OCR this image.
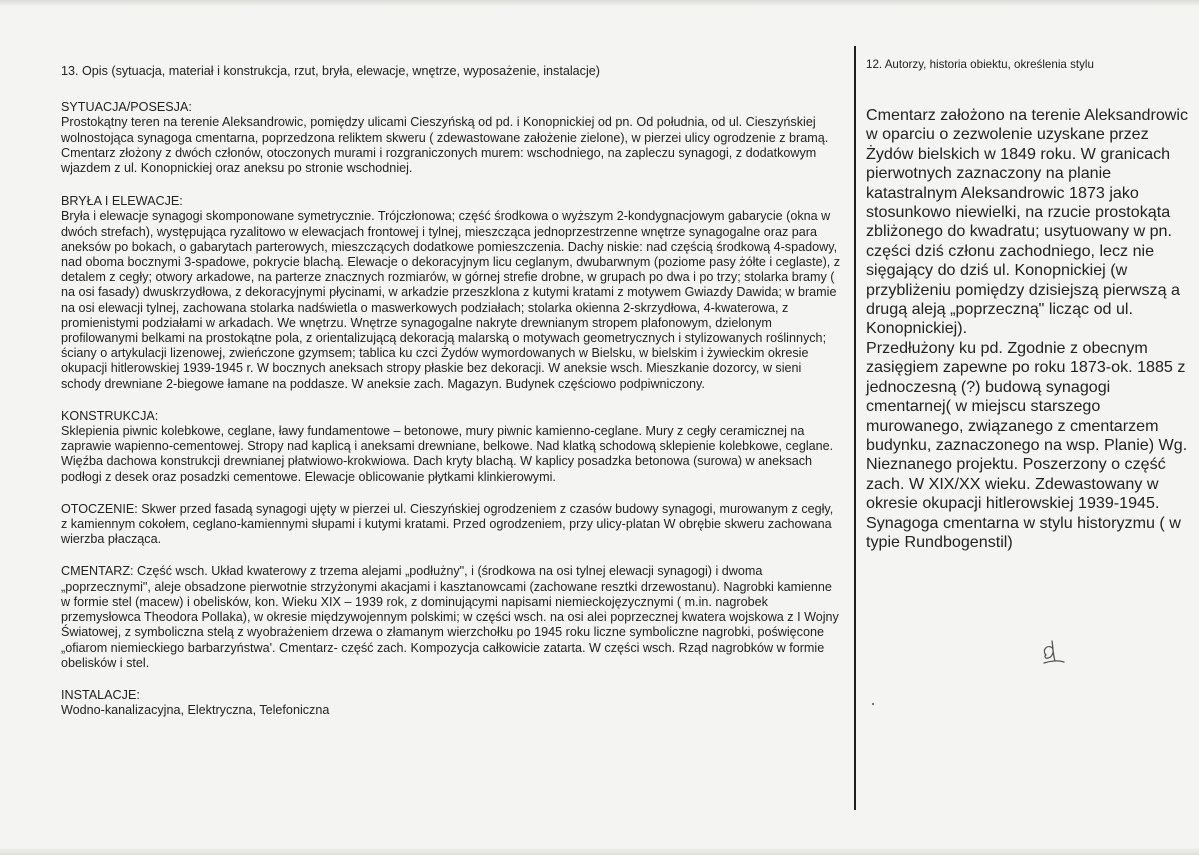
13. Opis (sytuacja, materiał i konstrukcja, rzut, bryła, elewacje, wnętrze, wyposażenie, instalacje)
SYTUACJA/POSESJA:
Prostokątny teren na terenie Aleksandrowic, pomiędzy ulicami Cieszyńską od pd. i Konopnickiej od pn. Od południa, od ul. Cieszyńskiej wolnostojąca synagoga cmentarna, poprzedzona reliktem skweru ( zdewastowane założenie zielone), w pierzei ulicy ogrodzenie z bramą. Cmentarz złożony z dwóch członów, otoczonych murami i rozgraniczonych murem: wschodniego, na zapleczu synagogi, z dodatkowym wjazdem z ul. Konopnickiej oraz aneksu po stronie wschodniej.
BRYŁA I ELEWACJE:
Bryła i elewacje synagogi skomponowane symetrycznie. Trójczłonowa; część środkowa o wyższym 2-kondygnacjowym gabarycie (okna w dwóch strefach), występująca ryzalitowo w elewacjach frontowej i tylnej, mieszcząca jednoprzestrzenne wnętrze synagogalne oraz para aneksów po bokach, o gabarytach parterowych, mieszczących dodatkowe pomieszczenia. Dachy niskie: nad częścią środkową 4-spadowy, nad oboma bocznymi 3-spadowe, pokrycie blachą. Elewacje o dekoracyjnym licu ceglanym, dwubarwnym (poziome pasy żółte i ceglaste), z detalem z cegły; otwory arkadowe, na parterze znacznych rozmiarów, w górnej strefie drobne, w grupach po dwa i po trzy; stolarka bramy ( na osi fasady) dwuskrzydłowa, z dekoracyjnymi płycinami, w arkadzie przeszklona z kutymi kratami z motywem Gwiazdy Dawida; w bramie na osi elewacji tylnej, zachowana stolarka nadświetla o maswerkowych podziałach; stolarka okienna 2-skrzydłowa, 4-kwaterowa, z promienistymi podziałami w arkadach. We wnętrzu. Wnętrze synagogalne nakryte drewnianym stropem plafonowym, dzielonym profilowanymi belkami na prostokątne pola, z orientalizującą dekoracją malarską o motywach geometrycznych i stylizowanych roślinnych; ściany o artykulacji lizenowej, zwieńczone gzymsem; tablica ku czci Żydów wymordowanych w Bielsku, w bielskim i żywieckim okresie okupacji hitlerowskiej 1939-1945 r. W bocznych aneksach stropy płaskie bez dekoracji. W aneksie wsch. Mieszkanie dozorcy, w sieni schody drewniane 2-biegowe łamane na poddasze. W aneksie zach. Magazyn. Budynek częściowo podpiwniczony.
KONSTRUKCJA:
Sklepienia piwnic kolebkowe, ceglane, ławy fundamentowe – betonowe, mury piwnic kamienno-ceglane. Mury z cegły ceramicznej na zaprawie wapienno-cementowej. Stropy nad kaplicą i aneksami drewniane, belkowe. Nad klatką schodową sklepienie kolebkowe, ceglane. Więźba dachowa konstrukcji drewnianej płatwiowo-krokwiowa. Dach kryty blachą. W kaplicy posadzka betonowa (surowa) w aneksach podłogi z desek oraz posadzki cementowe. Elewacje oblicowanie płytkami klinkierowymi.
OTOCZENIE: Skwer przed fasadą synagogi ujęty w pierzei ul. Cieszyńskiej ogrodzeniem z czasów budowy synagogi, murowanym z cegły, z kamiennym cokołem, ceglano-kamiennymi słupami i kutymi kratami. Przed ogrodzeniem, przy ulicy-platan W obrębie skweru zachowana wierzba płacząca.
CMENTARZ: Część wsch. Układ kwaterowy z trzema alejami „podłużny", i (środkowa na osi tylnej elewacji synagogi) i dwoma „poprzecznymi", aleje obsadzone pierwotnie strzyżonymi akacjami i kasztanowcami (zachowane resztki drzewostanu). Nagrobki kamienne w formie stel (macew) i obelisków, kon. Wieku XIX – 1939 rok, z dominującymi napisami niemieckojęzycznymi ( m.in. nagrobek przemysłowca Theodora Pollaka), w okresie międzywojennym polskimi; w części wsch. na osi alei poprzecznej kwatera wojskowa z I Wojny Światowej, z symboliczna stelą z wyobrażeniem drzewa o złamanym wierzchołku po 1945 roku liczne symboliczne nagrobki, poświęcone „ofiarom niemieckiego barbarzyństwa'. Cmentarz- część zach. Kompozycja całkowicie zatarta. W części wsch. Rząd nagrobków w formie obelisków i stel.
INSTALACJE:
Wodno-kanalizacyjna, Elektryczna, Telefoniczna
12. Autorzy, historia obiektu, określenia stylu
Cmentarz założono na terenie Aleksandrowic w oparciu o zezwolenie uzyskane przez Żydów bielskich w 1849 roku. W granicach pierwotnych zaznaczony na planie katastralnym Aleksandrowic 1873 jako stosunkowo niewielki, na rzucie prostokąta zbliżonego do kwadratu; usytuowany w pn. części dziś członu zachodniego, lecz nie sięgający do dziś ul. Konopnickiej (w przybliżeniu pomiędzy dzisiejszą pierwszą a drugą aleją „poprzeczną" licząc od ul. Konopnickiej).
Przedłużony ku pd. Zgodnie z obecnym zasięgiem zapewne po roku 1873-ok. 1885 z jednoczesną (?) budową synagogi cmentarnej( w miejscu starszego murowanego, związanego z cmentarzem budynku, zaznaczonego na wsp. Planie) Wg. Nieznanego projektu. Poszerzony o część zach. W XIX/XX wieku. Zdewastowany w okresie okupacji hitlerowskiej 1939-1945.
Synagoga cmentarna w stylu historyzmu ( w typie Rundbogenstil)
